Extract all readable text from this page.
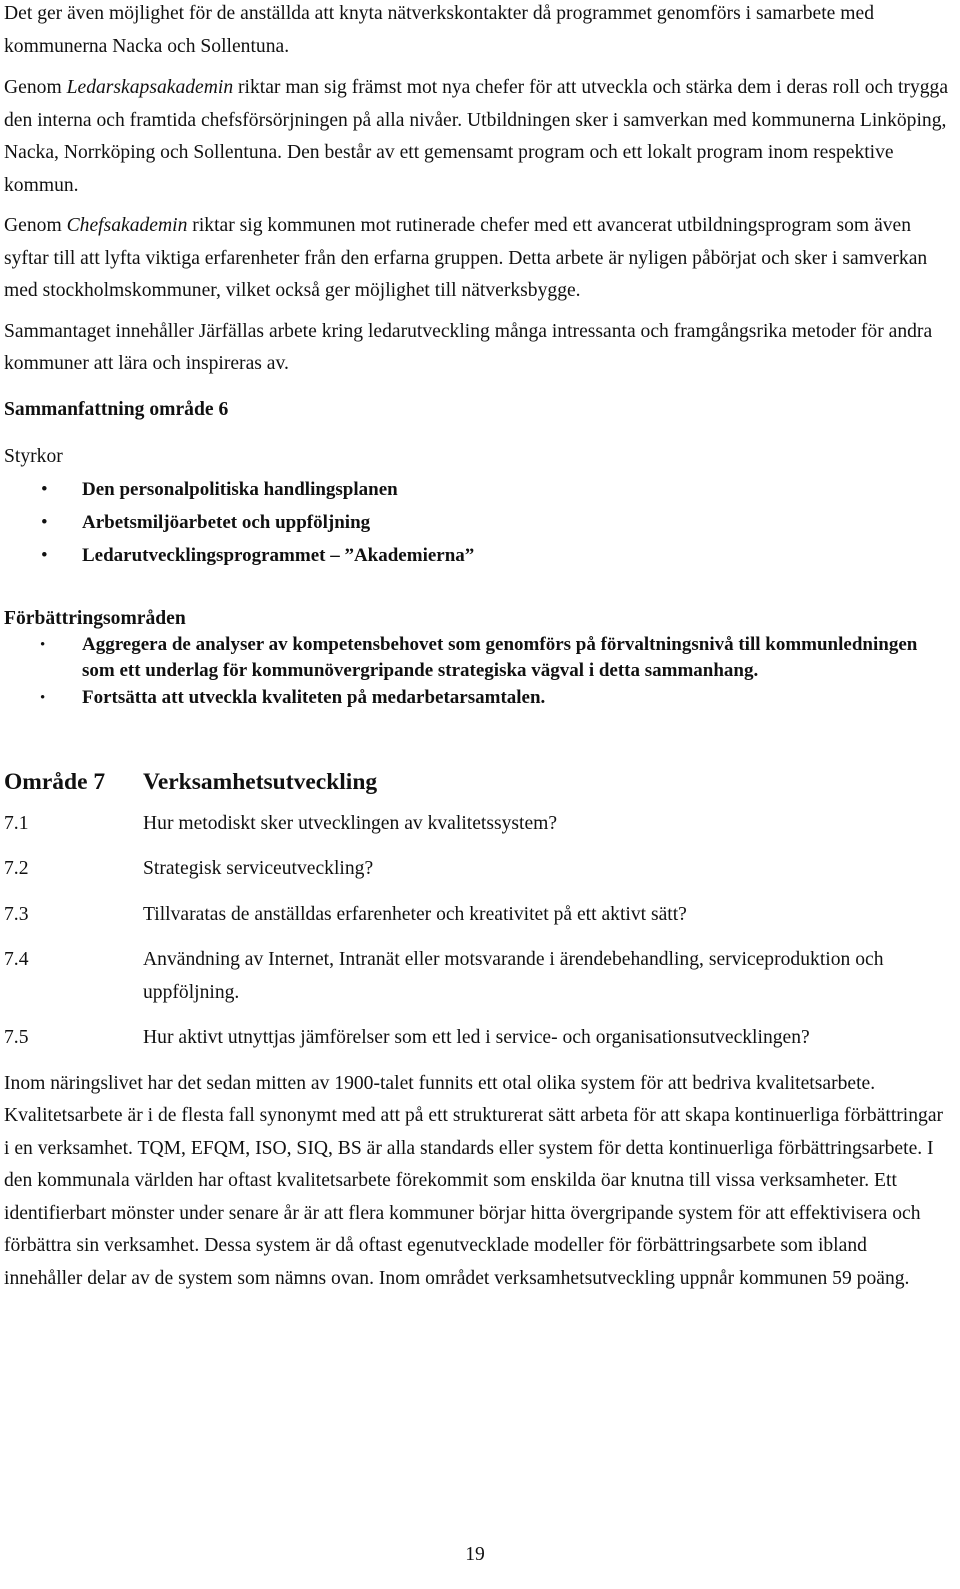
Det ger även möjlighet för de anställda att knyta nätverkskontakter då programmet genomförs i samarbete med kommunerna Nacka och Sollentuna.

Genom Ledarskapsakademin riktar man sig främst mot nya chefer för att utveckla och stärka dem i deras roll och trygga den interna och framtida chefsförsörjningen på alla nivåer. Utbildningen sker i samverkan med kommunerna Linköping, Nacka, Norrköping och Sollentuna. Den består av ett gemensamt program och ett lokalt program inom respektive kommun.

Genom Chefsakademin riktar sig kommunen mot rutinerade chefer med ett avancerat utbildningsprogram som även syftar till att lyfta viktiga erfarenheter från den erfarna gruppen. Detta arbete är nyligen påbörjat och sker i samverkan med stockholmskommuner, vilket också ger möjlighet till nätverksbygge.

Sammantaget innehåller Järfällas arbete kring ledarutveckling många intressanta och framgångsrika metoder för andra kommuner att lära och inspireras av.

Sammanfattning område 6

Styrkor

• Den personalpolitiska handlingsplanen
• Arbetsmiljöarbetet och uppföljning
• Ledarutvecklingsprogrammet – ”Akademierna”

Förbättringsområden

• Aggregera de analyser av kompetensbehovet som genomförs på förvaltningsnivå till kommunledningen som ett underlag för kommunövergripande strategiska vägval i detta sammanhang.
• Fortsätta att utveckla kvaliteten på medarbetarsamtalen.
Område 7	Verksamhetsutveckling
7.1	Hur metodiskt sker utvecklingen av kvalitetssystem?
7.2	Strategisk serviceutveckling?
7.3	Tillvaratas de anställdas erfarenheter och kreativitet på ett aktivt sätt?
7.4	Användning av Internet, Intranät eller motsvarande i ärendebehandling, serviceproduktion och uppföljning.
7.5	Hur aktivt utnyttjas jämförelser som ett led i service- och organisationsutvecklingen?

Inom näringslivet har det sedan mitten av 1900-talet funnits ett otal olika system för att bedriva kvalitetsarbete. Kvalitetsarbete är i de flesta fall synonymt med att på ett strukturerat sätt arbeta för att skapa kontinuerliga förbättringar i en verksamhet. TQM, EFQM, ISO, SIQ, BS är alla standards eller system för detta kontinuerliga förbättringsarbete. I den kommunala världen har oftast kvalitetsarbete förekommit som enskilda öar knutna till vissa verksamheter. Ett identifierbart mönster under senare år är att flera kommuner börjar hitta övergripande system för att effektivisera och förbättra sin verksamhet. Dessa system är då oftast egenutvecklade modeller för förbättringsarbete som ibland innehåller delar av de system som nämns ovan. Inom området verksamhetsutveckling uppnår kommunen 59 poäng.

19
